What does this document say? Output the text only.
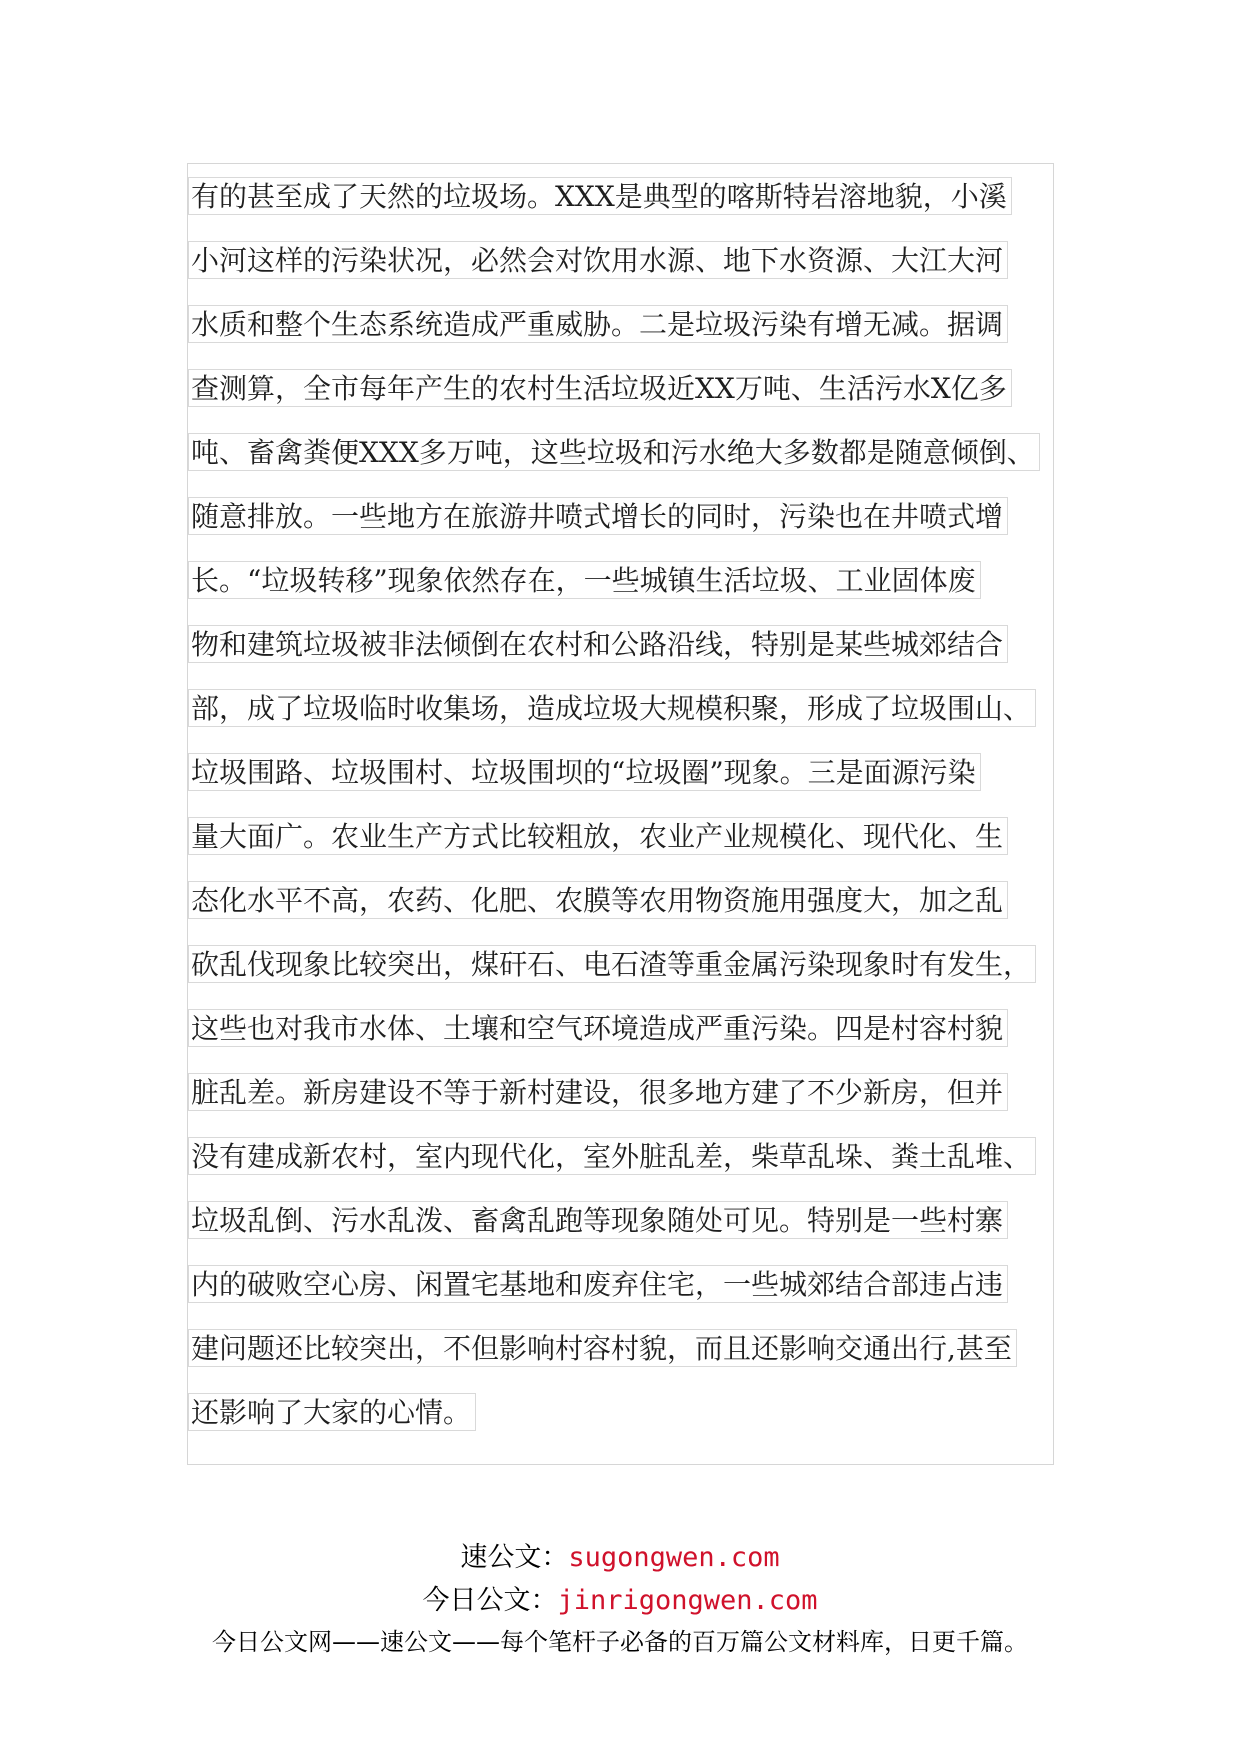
有的甚至成了天然的垃圾场。XXX是典型的喀斯特岩溶地貌，小溪
小河这样的污染状况，必然会对饮用水源、地下水资源、大江大河
水质和整个生态系统造成严重威胁。二是垃圾污染有增无减。据调
查测算，全市每年产生的农村生活垃圾近XX万吨、生活污水X亿多
吨、畜禽粪便XXX多万吨，这些垃圾和污水绝大多数都是随意倾倒、
随意排放。一些地方在旅游井喷式增长的同时，污染也在井喷式增
长。“垃圾转移”现象依然存在，一些城镇生活垃圾、工业固体废
物和建筑垃圾被非法倾倒在农村和公路沿线，特别是某些城郊结合
部，成了垃圾临时收集场，造成垃圾大规模积聚，形成了垃圾围山、
垃圾围路、垃圾围村、垃圾围坝的“垃圾圈”现象。三是面源污染
量大面广。农业生产方式比较粗放，农业产业规模化、现代化、生
态化水平不高，农药、化肥、农膜等农用物资施用强度大，加之乱
砍乱伐现象比较突出，煤矸石、电石渣等重金属污染现象时有发生，
这些也对我市水体、土壤和空气环境造成严重污染。四是村容村貌
脏乱差。新房建设不等于新村建设，很多地方建了不少新房，但并
没有建成新农村，室内现代化，室外脏乱差，柴草乱垛、粪土乱堆、
垃圾乱倒、污水乱泼、畜禽乱跑等现象随处可见。特别是一些村寨
内的破败空心房、闲置宅基地和废弃住宅，一些城郊结合部违占违
建问题还比较突出，不但影响村容村貌，而且还影响交通出行,甚至
还影响了大家的心情。
速公文：sugongwen.com
今日公文：jinrigongwen.com
今日公文网——速公文——每个笔杆子必备的百万篇公文材料库，日更千篇。
